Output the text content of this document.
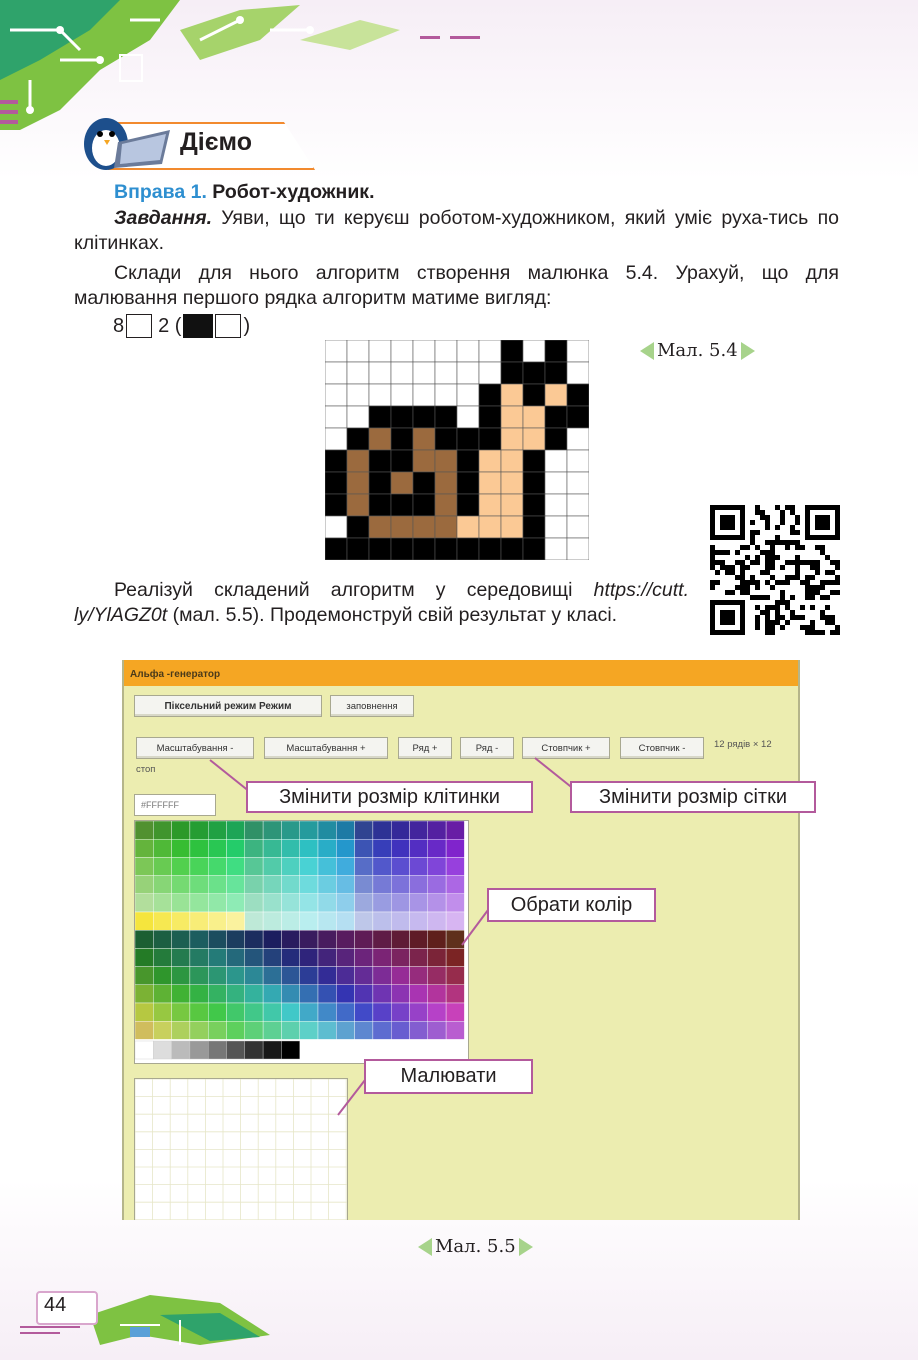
Діємо
Вправа 1. Робот-художник.
Завдання. Уяви, що ти керуєш роботом-художником, який уміє руха-тись по клітинках.
Склади для нього алгоритм створення малюнка 5.4. Урахуй, що для малювання першого рядка алгоритм матиме вигляд:
8 2 (	)
Мал. 5.4
Реалізуй складений алгоритм у середовищі https://cutt. ly/YlAGZ0t (мал. 5.5). Продемонструй свій результат у класі.
Альфа -генератор
Піксельний режим Режим	заповнення
Масштабування -	Масштабування +	Ряд +	Ряд -	Стовпчик +	Стовпчик -	12 рядів × 12
стоп
#FFFFFF	Змінити розмір клітинки	Змінити розмір сітки
Обрати колір
Малювати
Мал. 5.5
44
